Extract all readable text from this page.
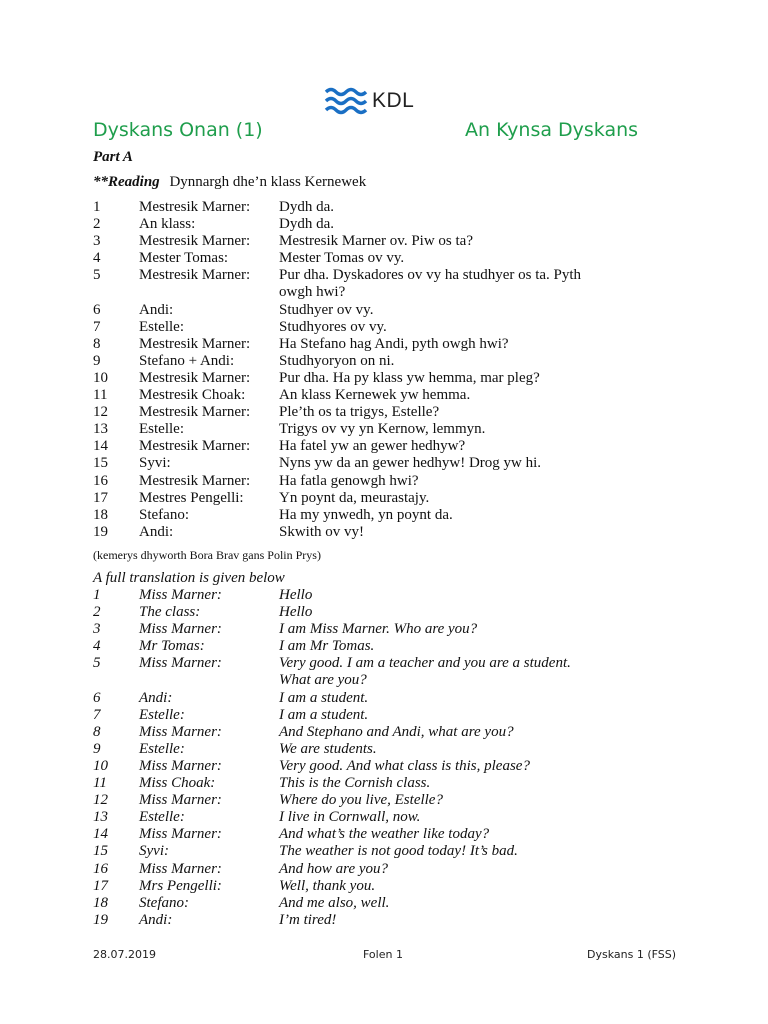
KDL
Dyskans Onan (1)	An Kynsa Dyskans
Part A
**Reading Dynnargh dhe’n klass Kernewek
1	Mestresik Marner:	Dydh da.
2	An klass:	Dydh da.
3	Mestresik Marner:	Mestresik Marner ov. Piw os ta?
4	Mester Tomas:	Mester Tomas ov vy.
5	Mestresik Marner:	Pur dha. Dyskadores ov vy ha studhyer os ta. Pyth
owgh hwi?
6	Andi:	Studhyer ov vy.
7	Estelle:	Studhyores ov vy.
8	Mestresik Marner:	Ha Stefano hag Andi, pyth owgh hwi?
9	Stefano + Andi:	Studhyoryon on ni.
10	Mestresik Marner:	Pur dha. Ha py klass yw hemma, mar pleg?
11	Mestresik Choak:	An klass Kernewek yw hemma.
12	Mestresik Marner:	Ple’th os ta trigys, Estelle?
13	Estelle:	Trigys ov vy yn Kernow, lemmyn.
14	Mestresik Marner:	Ha fatel yw an gewer hedhyw?
15	Syvi:	Nyns yw da an gewer hedhyw! Drog yw hi.
16	Mestresik Marner:	Ha fatla genowgh hwi?
17	Mestres Pengelli:	Yn poynt da, meurastajy.
18	Stefano:	Ha my ynwedh, yn poynt da.
19	Andi:	Skwith ov vy!
(kemerys dhyworth Bora Brav gans Polin Prys)
A full translation is given below
1	Miss Marner:	Hello
2	The class:	Hello
3	Miss Marner:	I am Miss Marner. Who are you?
4	Mr Tomas:	I am Mr Tomas.
5	Miss Marner:	Very good. I am a teacher and you are a student.
What are you?
6	Andi:	I am a student.
7	Estelle:	I am a student.
8	Miss Marner:	And Stephano and Andi, what are you?
9	Estelle:	We are students.
10	Miss Marner:	Very good. And what class is this, please?
11	Miss Choak:	This is the Cornish class.
12	Miss Marner:	Where do you live, Estelle?
13	Estelle:	I live in Cornwall, now.
14	Miss Marner:	And what’s the weather like today?
15	Syvi:	The weather is not good today! It’s bad.
16	Miss Marner:	And how are you?
17	Mrs Pengelli:	Well, thank you.
18	Stefano:	And me also, well.
19	Andi:	I’m tired!
28.07.2019	Folen 1	Dyskans 1 (FSS)
